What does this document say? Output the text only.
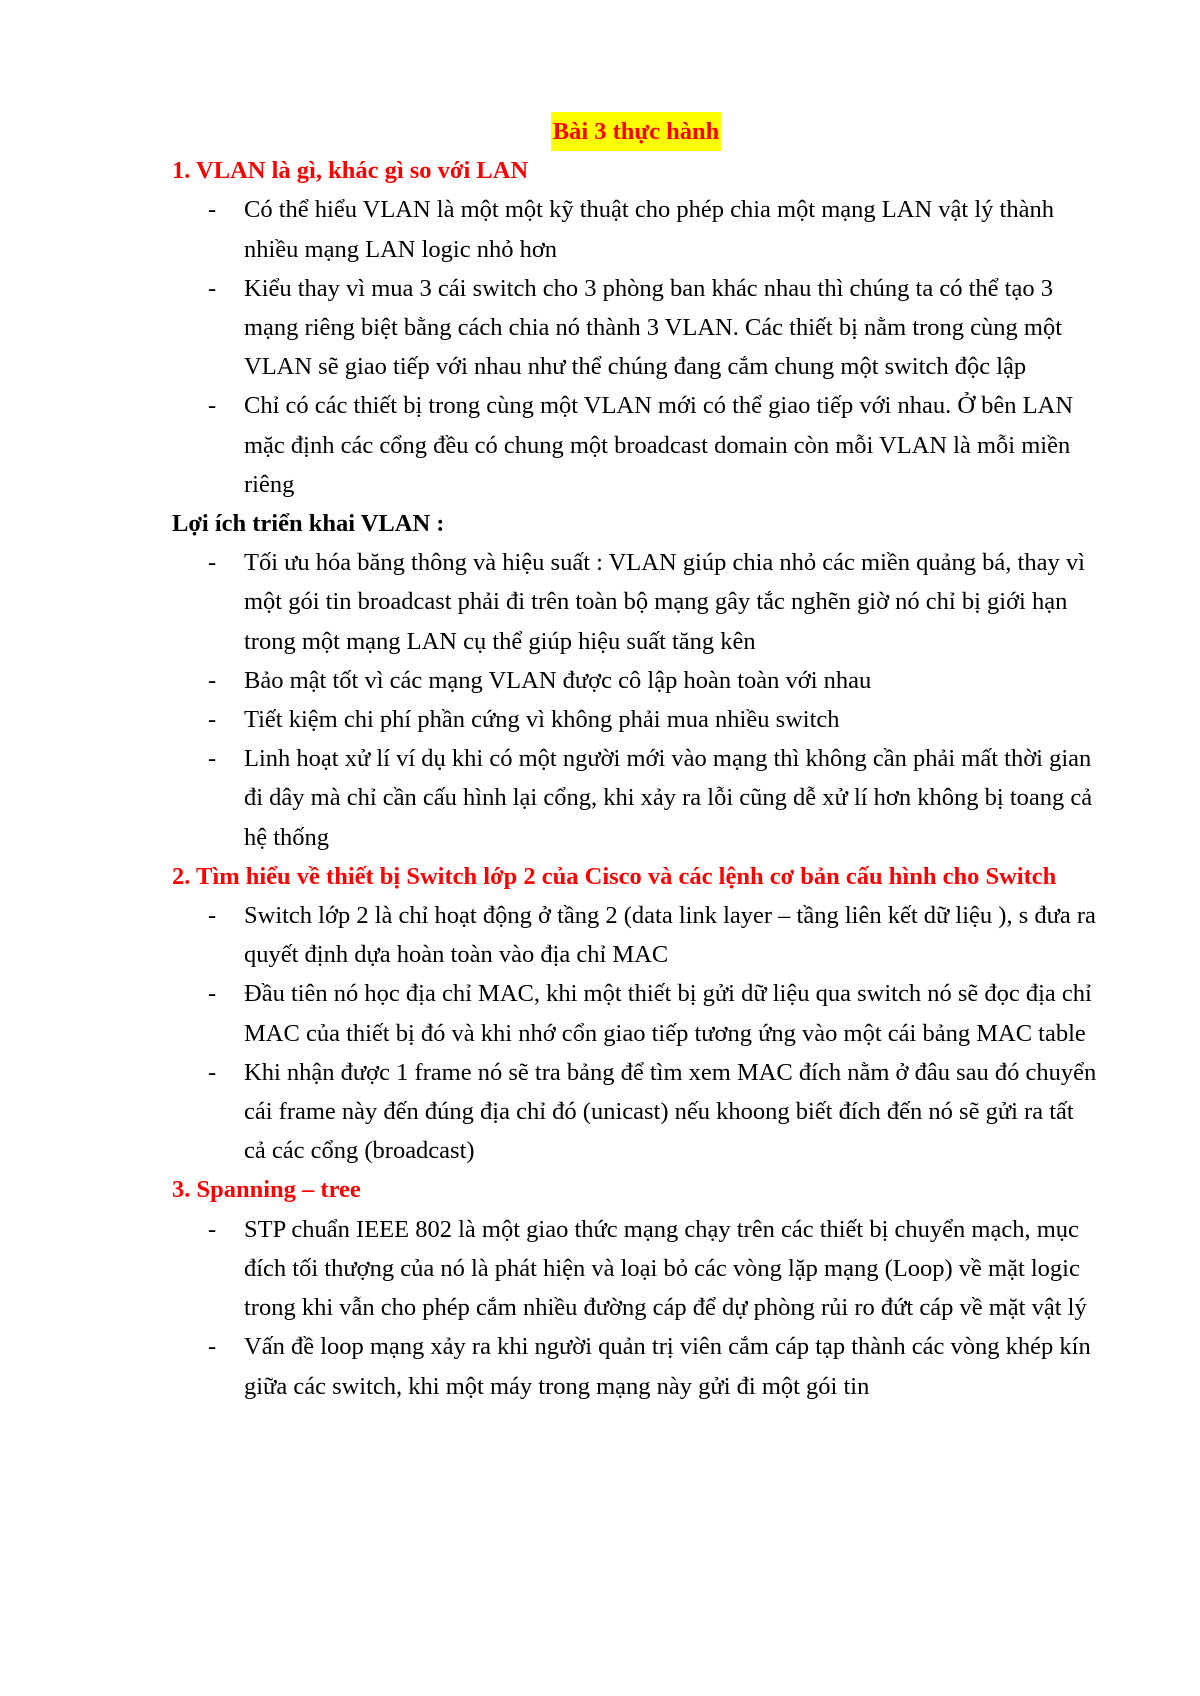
Bài 3 thực hành
1. VLAN là gì, khác gì so với LAN
- Có thể hiểu VLAN là một một kỹ thuật cho phép chia một mạng LAN vật lý thành nhiều mạng LAN logic nhỏ hơn
- Kiểu thay vì mua 3 cái switch cho 3 phòng ban khác nhau thì chúng ta có thể tạo 3 mạng riêng biệt bằng cách chia nó thành 3 VLAN. Các thiết bị nằm trong cùng một VLAN sẽ giao tiếp với nhau như thể chúng đang cắm chung một switch độc lập
- Chỉ có các thiết bị trong cùng một VLAN mới có thể giao tiếp với nhau. Ở bên LAN mặc định các cổng đều có chung một broadcast domain còn mỗi VLAN là mỗi miền riêng
Lợi ích triển khai VLAN :
- Tối ưu hóa băng thông và hiệu suất : VLAN giúp chia nhỏ các miền quảng bá, thay vì một gói tin broadcast phải đi trên toàn bộ mạng gây tắc nghẽn giờ nó chỉ bị giới hạn trong một mạng LAN cụ thể giúp hiệu suất tăng kên
- Bảo mật tốt vì các mạng VLAN được cô lập hoàn toàn với nhau
- Tiết kiệm chi phí phần cứng vì không phải mua nhiều switch
- Linh hoạt xử lí ví dụ khi có một người mới vào mạng thì không cần phải mất thời gian đi dây mà chỉ cần cấu hình lại cổng, khi xảy ra lỗi cũng dễ xử lí hơn không bị toang cả hệ thống
2. Tìm hiểu về thiết bị Switch lớp 2 của Cisco và các lệnh cơ bản cấu hình cho Switch
- Switch lớp 2 là chỉ hoạt động ở tầng 2 (data link layer – tầng liên kết dữ liệu ), s đưa ra quyết định dựa hoàn toàn vào địa chỉ MAC
- Đầu tiên nó học địa chỉ MAC, khi một thiết bị gửi dữ liệu qua switch nó sẽ đọc địa chỉ MAC của thiết bị đó và khi nhớ cổn giao tiếp tương ứng vào một cái bảng MAC table
- Khi nhận được 1 frame nó sẽ tra bảng để tìm xem MAC đích nằm ở đâu sau đó chuyển cái frame này đến đúng địa chỉ đó (unicast) nếu khoong biết đích đến nó sẽ gửi ra tất cả các cổng (broadcast)
3. Spanning – tree
- STP chuẩn IEEE 802 là một giao thức mạng chạy trên các thiết bị chuyển mạch, mục đích tối thượng của nó là phát hiện và loại bỏ các vòng lặp mạng (Loop) về mặt logic trong khi vẫn cho phép cắm nhiều đường cáp để dự phòng rủi ro đứt cáp về mặt vật lý
- Vấn đề loop mạng xảy ra khi người quản trị viên cắm cáp tạp thành các vòng khép kín giữa các switch, khi một máy trong mạng này gửi đi một gói tin
